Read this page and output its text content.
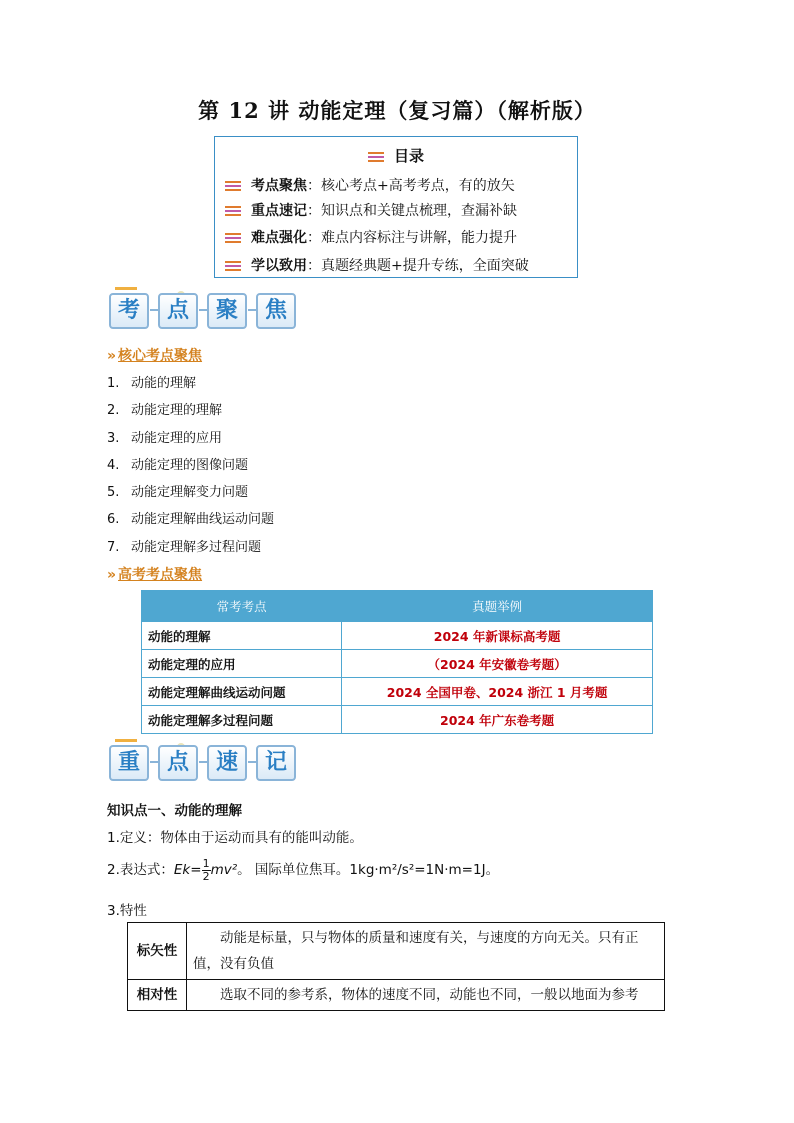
第 12 讲 动能定理（复习篇）（解析版）
目录
考点聚焦：核心考点+高考考点，有的放矢
重点速记：知识点和关键点梳理，查漏补缺
难点强化：难点内容标注与讲解，能力提升
学以致用：真题经典题+提升专练，全面突破
考	点	聚	焦
» 核心考点聚焦
1. 动能的理解
2. 动能定理的理解
3. 动能定理的应用
4. 动能定理的图像问题
5. 动能定理解变力问题
6. 动能定理解曲线运动问题
7. 动能定理解多过程问题
» 高考考点聚焦
常考考点	真题举例
动能的理解	2024 年新课标高考题
动能定理的应用	（2024 年安徽卷考题）
动能定理解曲线运动问题	2024 全国甲卷、2024 浙江 1 月考题
动能定理解多过程问题	2024 年广东卷考题
重	点	速	记
知识点一、动能的理解
1.定义：物体由于运动而具有的能叫动能。
2.表达式：$Ek= \frac{1}{2} mv^2$。 国际单位焦耳。1kg·m²/s²=1N·m=1J。
3.特性
标矢性	动能是标量，只与物体的质量和速度有关，与速度的方向无关。只有正值，没有负值
相对性	选取不同的参考系，物体的速度不同，动能也不同，一般以地面为参考
